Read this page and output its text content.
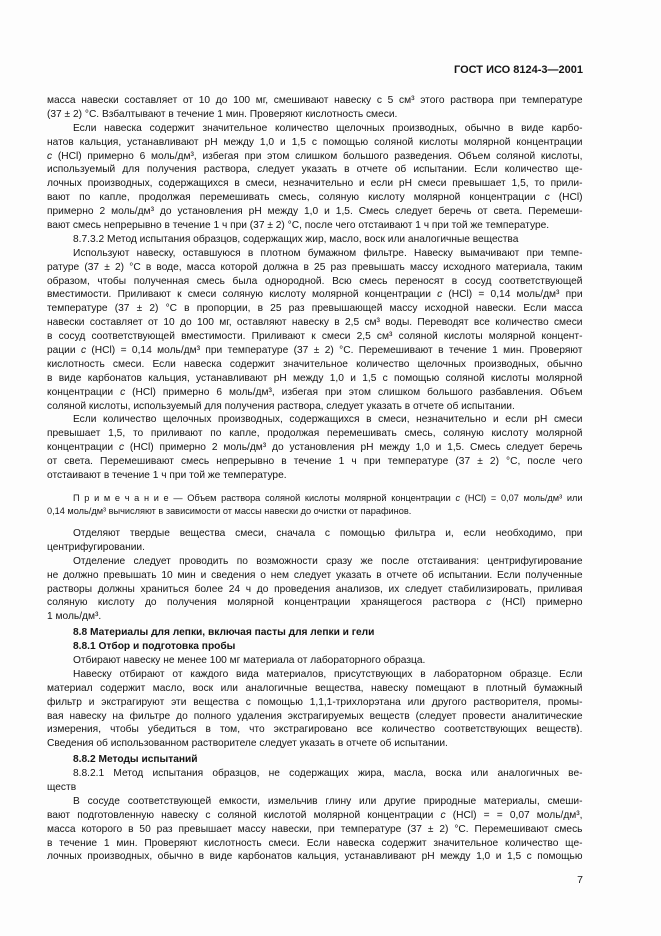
ГОСТ ИСО 8124-3—2001
масса навески составляет от 10 до 100 мг, смешивают навеску с 5 см³ этого раствора при температуре
(37 ± 2) °С. Взбалтывают в течение 1 мин. Проверяют кислотность смеси.
Если навеска содержит значительное количество щелочных производных, обычно в виде карбо-
натов кальция, устанавливают pH между 1,0 и 1,5 с помощью соляной кислоты молярной концентрации
c (HCl) примерно 6 моль/дм³, избегая при этом слишком большого разведения. Объем соляной кислоты,
используемый для получения раствора, следует указать в отчете об испытании. Если количество ще-
лочных производных, содержащихся в смеси, незначительно и если pH смеси превышает 1,5, то прили-
вают по капле, продолжая перемешивать смесь, соляную кислоту молярной концентрации c (HCl)
примерно 2 моль/дм³ до установления pH между 1,0 и 1,5. Смесь следует беречь от света. Перемеши-
вают смесь непрерывно в течение 1 ч при (37 ± 2) °С, после чего отстаивают 1 ч при той же температуре.
8.7.3.2 Метод испытания образцов, содержащих жир, масло, воск или аналогичные вещества
Используют навеску, оставшуюся в плотном бумажном фильтре. Навеску вымачивают при темпе-
ратуре (37 ± 2) °С в воде, масса которой должна в 25 раз превышать массу исходного материала, таким
образом, чтобы полученная смесь была однородной. Всю смесь переносят в сосуд соответствующей
вместимости. Приливают к смеси соляную кислоту молярной концентрации c (HCl) = 0,14 моль/дм³ при
температуре (37 ± 2) °С в пропорции, в 25 раз превышающей массу исходной навески. Если масса
навески составляет от 10 до 100 мг, оставляют навеску в 2,5 см³ воды. Переводят все количество смеси
в сосуд соответствующей вместимости. Приливают к смеси 2,5 см³ соляной кислоты молярной концент-
рации c (HCl) = 0,14 моль/дм³ при температуре (37 ± 2) °С. Перемешивают в течение 1 мин. Проверяют
кислотность смеси. Если навеска содержит значительное количество щелочных производных, обычно
в виде карбонатов кальция, устанавливают pH между 1,0 и 1,5 с помощью соляной кислоты молярной
концентрации c (HCl) примерно 6 моль/дм³, избегая при этом слишком большого разбавления. Объем
соляной кислоты, используемый для получения раствора, следует указать в отчете об испытании.
Если количество щелочных производных, содержащихся в смеси, незначительно и если pH смеси
превышает 1,5, то приливают по капле, продолжая перемешивать смесь, соляную кислоту молярной
концентрации c (HCl) примерно 2 моль/дм³ до установления pH между 1,0 и 1,5. Смесь следует беречь
от света. Перемешивают смесь непрерывно в течение 1 ч при температуре (37 ± 2) °С, после чего
отстаивают в течение 1 ч при той же температуре.
П р и м е ч а н и е — Объем раствора соляной кислоты молярной концентрации c (HCl) = 0,07 моль/дм³ или
0,14 моль/дм³ вычисляют в зависимости от массы навески до очистки от парафинов.
Отделяют твердые вещества смеси, сначала с помощью фильтра и, если необходимо, при
центрифугировании.
Отделение следует проводить по возможности сразу же после отстаивания: центрифугирование
не должно превышать 10 мин и сведения о нем следует указать в отчете об испытании. Если полученные
растворы должны храниться более 24 ч до проведения анализов, их следует стабилизировать, приливая
соляную кислоту до получения молярной концентрации хранящегося раствора c (HCl) примерно
1 моль/дм³.
8.8 Материалы для лепки, включая пасты для лепки и гели
8.8.1 Отбор и подготовка пробы
Отбирают навеску не менее 100 мг материала от лабораторного образца.
Навеску отбирают от каждого вида материалов, присутствующих в лабораторном образце. Если
материал содержит масло, воск или аналогичные вещества, навеску помещают в плотный бумажный
фильтр и экстрагируют эти вещества с помощью 1,1,1-трихлорэтана или другого растворителя, промы-
вая навеску на фильтре до полного удаления экстрагируемых веществ (следует провести аналитические
измерения, чтобы убедиться в том, что экстрагировано все количество соответствующих веществ).
Сведения об использованном растворителе следует указать в отчете об испытании.
8.8.2 Методы испытаний
8.8.2.1 Метод испытания образцов, не содержащих жира, масла, воска или аналогичных ве-
ществ
В сосуде соответствующей емкости, измельчив глину или другие природные материалы, смеши-
вают подготовленную навеску с соляной кислотой молярной концентрации c (HCl) = = 0,07 моль/дм³,
масса которого в 50 раз превышает массу навески, при температуре (37 ± 2) °С. Перемешивают смесь
в течение 1 мин. Проверяют кислотность смеси. Если навеска содержит значительное количество ще-
лочных производных, обычно в виде карбонатов кальция, устанавливают pH между 1,0 и 1,5 с помощью
7
